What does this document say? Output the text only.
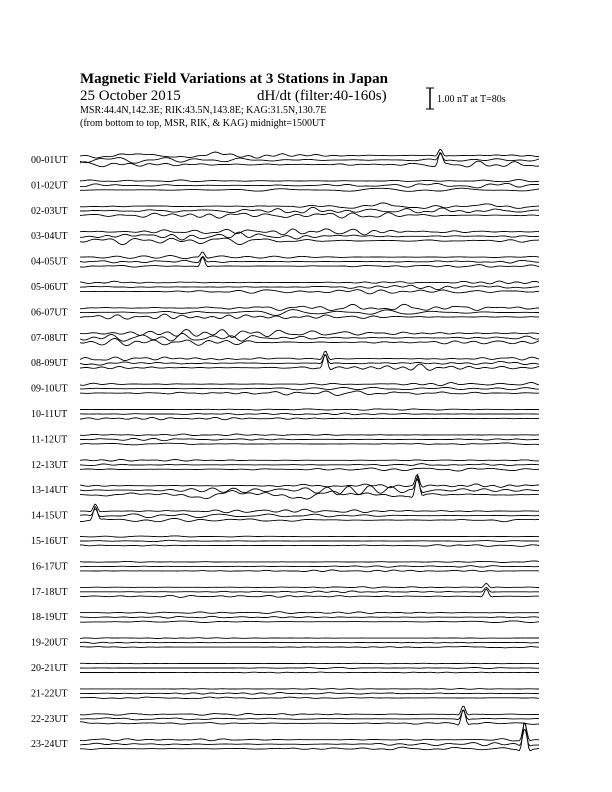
Magnetic Field Variations at 3 Stations in Japan
25 October 2015	dH/dt (filter:40-160s)
MSR:44.4N,142.3E; RIK:43.5N,143.8E; KAG:31.5N,130.7E
(from bottom to top, MSR, RIK, & KAG) midnight=1500UT
1.00 nT at T=80s
00-01UT
01-02UT
02-03UT
03-04UT
04-05UT
05-06UT
06-07UT
07-08UT
08-09UT
09-10UT
10-11UT
11-12UT
12-13UT
13-14UT
14-15UT
15-16UT
16-17UT
17-18UT
18-19UT
19-20UT
20-21UT
21-22UT
22-23UT
23-24UT
